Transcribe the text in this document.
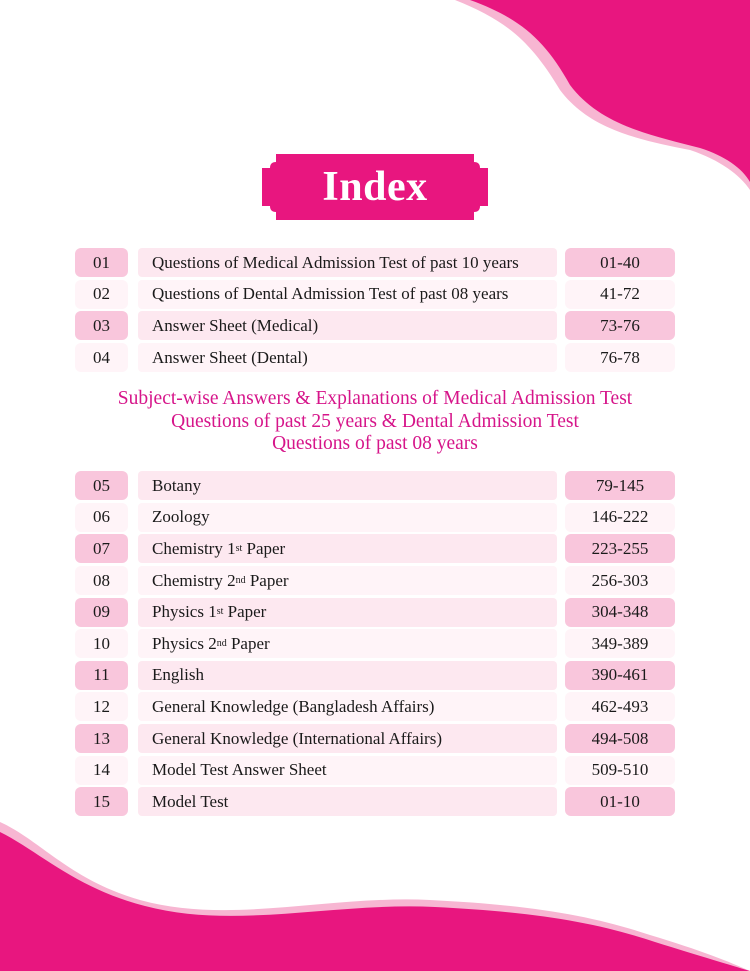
Index
01	Questions of Medical Admission Test of past 10 years	01-40
02	Questions of Dental Admission Test of past 08 years	41-72
03	Answer Sheet (Medical)	73-76
04	Answer Sheet (Dental)	76-78
Subject-wise Answers & Explanations of Medical Admission Test
Questions of past 25 years & Dental Admission Test
Questions of past 08 years
05	Botany	79-145
06	Zoology	146-222
07	Chemistry 1 st Paper	223-255
08	Chemistry 2 nd Paper	256-303
09	Physics 1 st Paper	304-348
10	Physics 2 nd Paper	349-389
11	English	390-461
12	General Knowledge (Bangladesh Affairs)	462-493
13	General Knowledge (International Affairs)	494-508
14	Model Test Answer Sheet	509-510
15	Model Test	01-10
